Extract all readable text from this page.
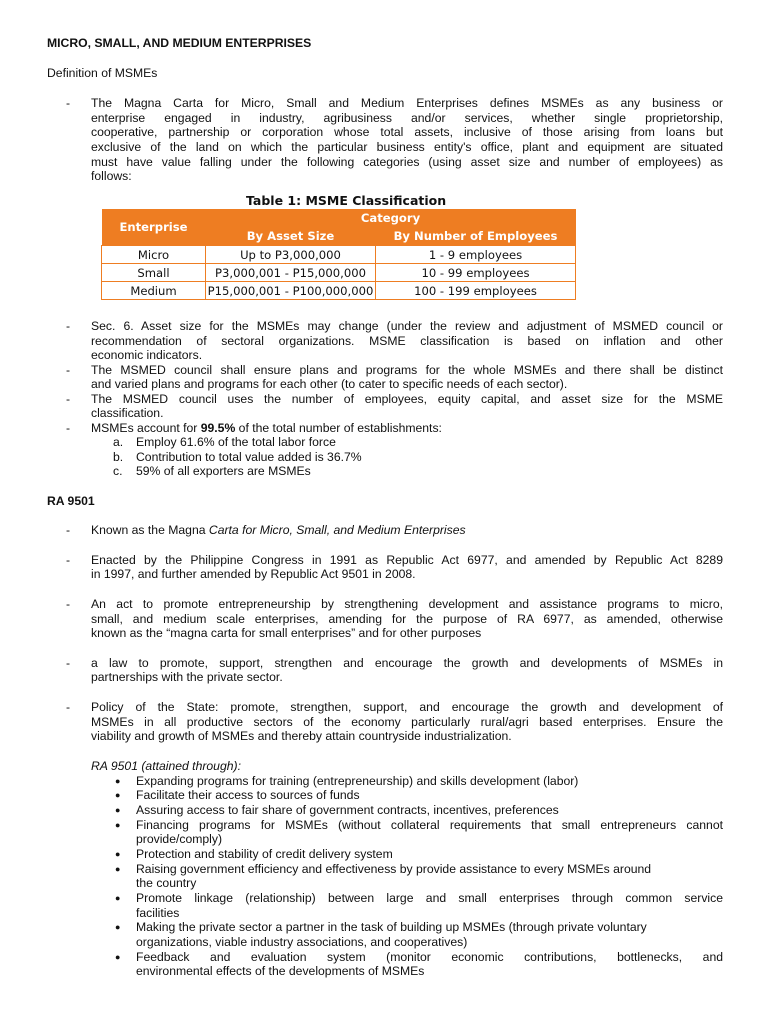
MICRO, SMALL, AND MEDIUM ENTERPRISES
Definition of MSMEs
- The Magna Carta for Micro, Small and Medium Enterprises defines MSMEs as any business or
enterprise engaged in industry, agribusiness and/or services, whether single proprietorship,
cooperative, partnership or corporation whose total assets, inclusive of those arising from loans but
exclusive of the land on which the particular business entity's office, plant and equipment are situated
must have value falling under the following categories (using asset size and number of employees) as
follows:
Table 1: MSME Classification
Enterprise	Category	
	By Asset Size	By Number of Employees
Micro	Up to P3,000,000	1 - 9 employees
Small	P3,000,001 - P15,000,000	10 - 99 employees
Medium	P15,000,001 - P100,000,000	100 - 199 employees
- Sec. 6. Asset size for the MSMEs may change (under the review and adjustment of MSMED council or
recommendation of sectoral organizations. MSME classification is based on inflation and other
economic indicators.
- The MSMED council shall ensure plans and programs for the whole MSMEs and there shall be distinct
and varied plans and programs for each other (to cater to specific needs of each sector).
- The MSMED council uses the number of employees, equity capital, and asset size for the MSME
classification.
- MSMEs account for 99.5% of the total number of establishments:
a. Employ 61.6% of the total labor force
b. Contribution to total value added is 36.7%
c. 59% of all exporters are MSMEs
RA 9501
- Known as the Magna Carta for Micro, Small, and Medium Enterprises
- Enacted by the Philippine Congress in 1991 as Republic Act 6977, and amended by Republic Act 8289
in 1997, and further amended by Republic Act 9501 in 2008.
- An act to promote entrepreneurship by strengthening development and assistance programs to micro,
small, and medium scale enterprises, amending for the purpose of RA 6977, as amended, otherwise
known as the “magna carta for small enterprises” and for other purposes
- a law to promote, support, strengthen and encourage the growth and developments of MSMEs in
partnerships with the private sector.
- Policy of the State: promote, strengthen, support, and encourage the growth and development of
MSMEs in all productive sectors of the economy particularly rural/agri based enterprises. Ensure the
viability and growth of MSMEs and thereby attain countryside industrialization.
RA 9501 (attained through):
● Expanding programs for training (entrepreneurship) and skills development (labor)
● Facilitate their access to sources of funds
● Assuring access to fair share of government contracts, incentives, preferences
● Financing programs for MSMEs (without collateral requirements that small entrepreneurs cannot
provide/comply)
● Protection and stability of credit delivery system
● Raising government efficiency and effectiveness by provide assistance to every MSMEs around
the country
● Promote linkage (relationship) between large and small enterprises through common service
facilities
● Making the private sector a partner in the task of building up MSMEs (through private voluntary
organizations, viable industry associations, and cooperatives)
● Feedback and evaluation system (monitor economic contributions, bottlenecks, and
environmental effects of the developments of MSMEs
